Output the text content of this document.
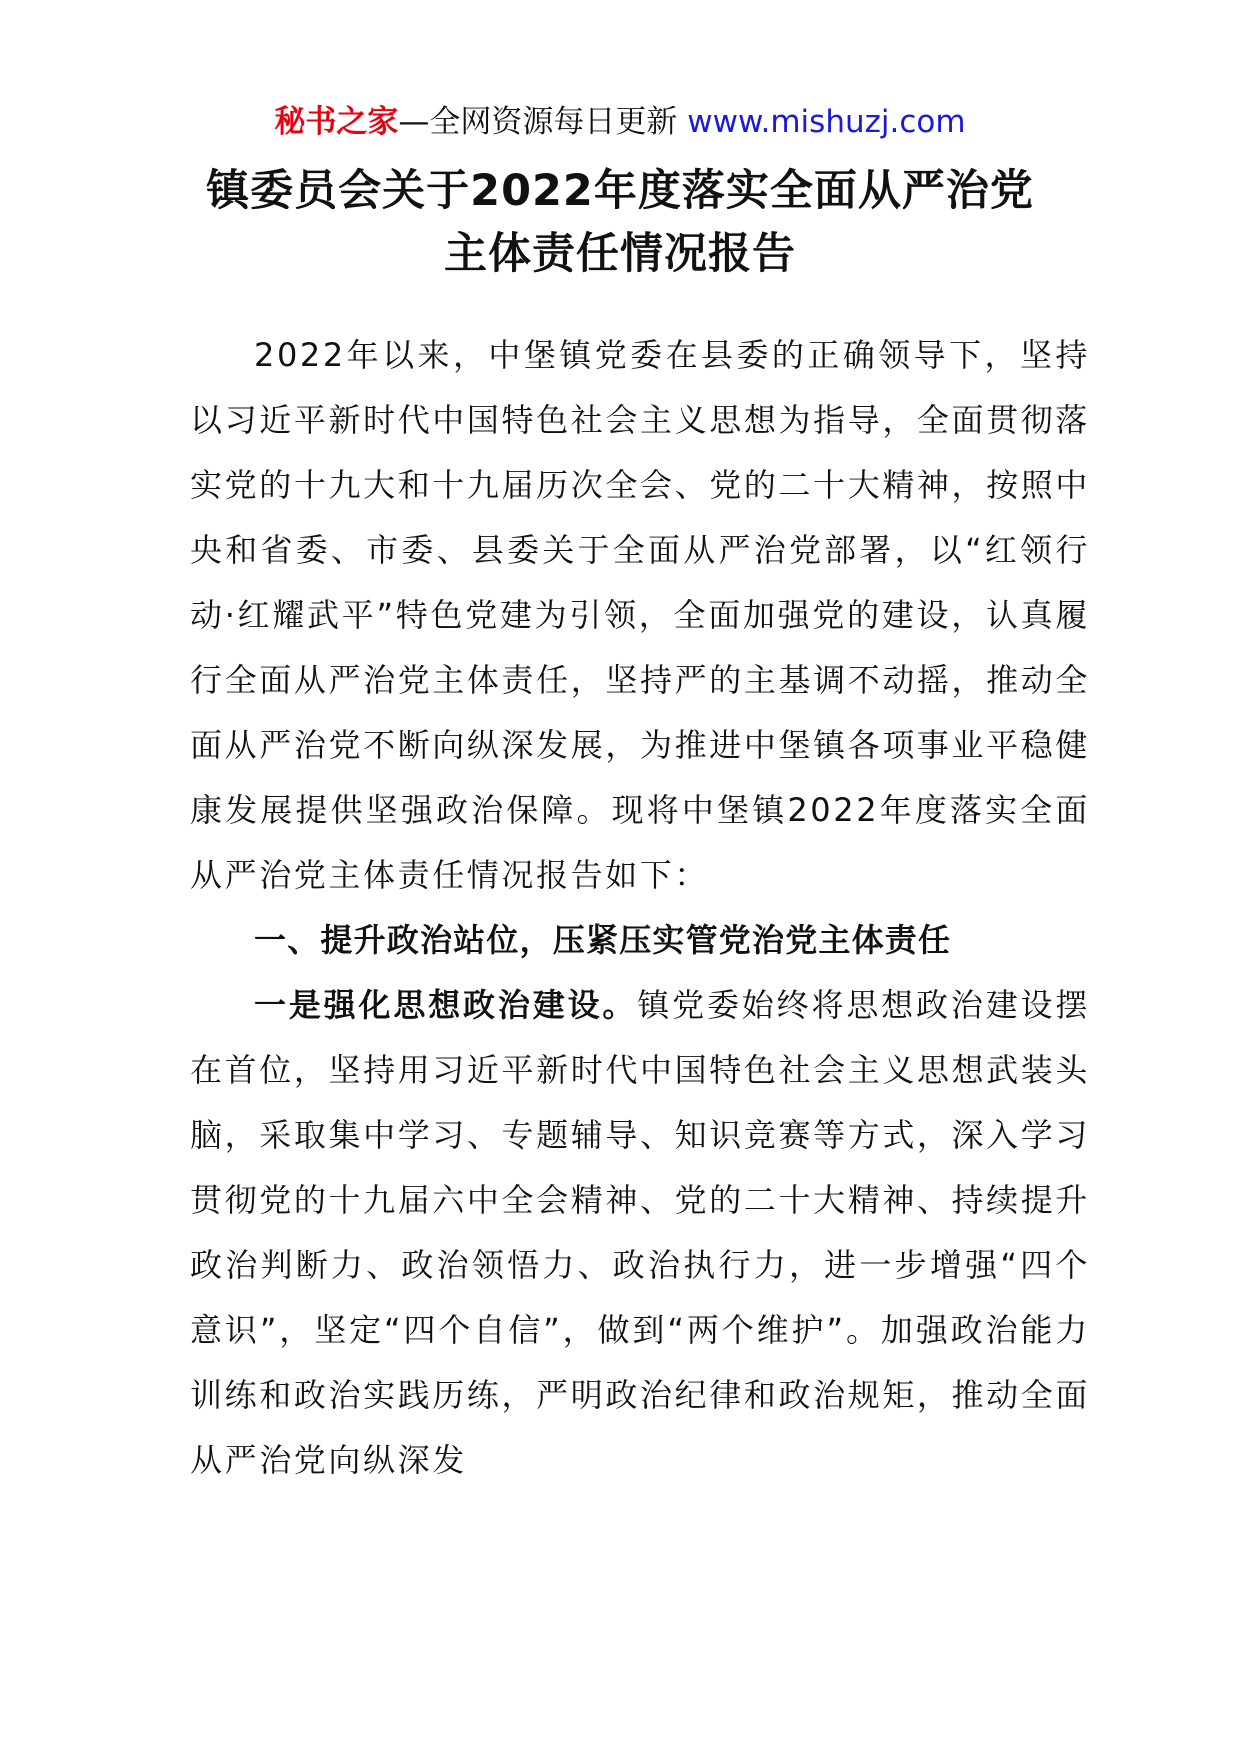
秘书之家—全网资源每日更新 www.mishuzj.com
镇委员会关于2022年度落实全面从严治党
主体责任情况报告

2022年以来，中堡镇党委在县委的正确领导下，坚持以习近平新时代中国特色社会主义思想为指导，全面贯彻落实党的十九大和十九届历次全会、党的二十大精神，按照中央和省委、市委、县委关于全面从严治党部署，以“红领行动·红耀武平”特色党建为引领，全面加强党的建设，认真履行全面从严治党主体责任，坚持严的主基调不动摇，推动全面从严治党不断向纵深发展，为推进中堡镇各项事业平稳健康发展提供坚强政治保障。现将中堡镇2022年度落实全面从严治党主体责任情况报告如下：

一、提升政治站位，压紧压实管党治党主体责任

一是强化思想政治建设。镇党委始终将思想政治建设摆在首位，坚持用习近平新时代中国特色社会主义思想武装头脑，采取集中学习、专题辅导、知识竞赛等方式，深入学习贯彻党的十九届六中全会精神、党的二十大精神、持续提升政治判断力、政治领悟力、政治执行力，进一步增强“四个意识”，坚定“四个自信”，做到“两个维护”。加强政治能力训练和政治实践历练，严明政治纪律和政治规矩，推动全面从严治党向纵深发
